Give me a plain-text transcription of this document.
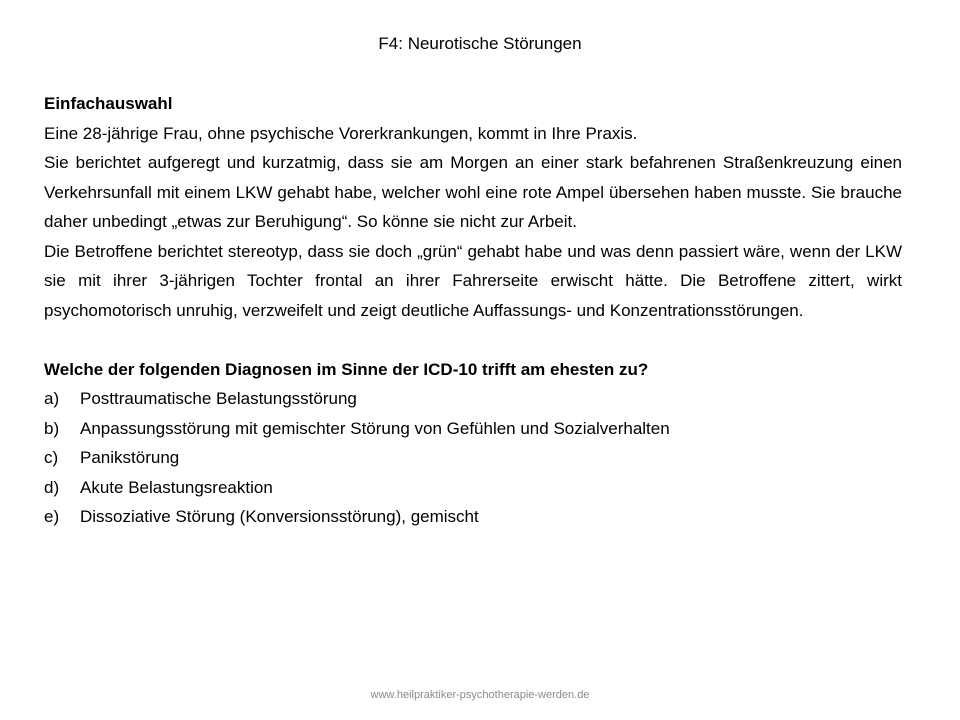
F4: Neurotische Störungen
Einfachauswahl
Eine 28-jährige Frau, ohne psychische Vorerkrankungen, kommt in Ihre Praxis.
Sie berichtet aufgeregt und kurzatmig, dass sie am Morgen an einer stark befahrenen Straßenkreuzung einen Verkehrsunfall mit einem LKW gehabt habe, welcher wohl eine rote Ampel übersehen haben musste. Sie brauche daher unbedingt „etwas zur Beruhigung“. So könne sie nicht zur Arbeit.
Die Betroffene berichtet stereotyp, dass sie doch „grün“ gehabt habe und was denn passiert wäre, wenn der LKW sie mit ihrer 3-jährigen Tochter frontal an ihrer Fahrerseite erwischt hätte. Die Betroffene zittert, wirkt psychomotorisch unruhig, verzweifelt und zeigt deutliche Auffassungs- und Konzentrationsstörungen.
Welche der folgenden Diagnosen im Sinne der ICD-10 trifft am ehesten zu?
a)	Posttraumatische Belastungsstörung
b)	Anpassungsstörung mit gemischter Störung von Gefühlen und Sozialverhalten
c)	Panikstörung
d)	Akute Belastungsreaktion
e)	Dissoziative Störung (Konversionsstörung), gemischt
www.heilpraktiker-psychotherapie-werden.de
